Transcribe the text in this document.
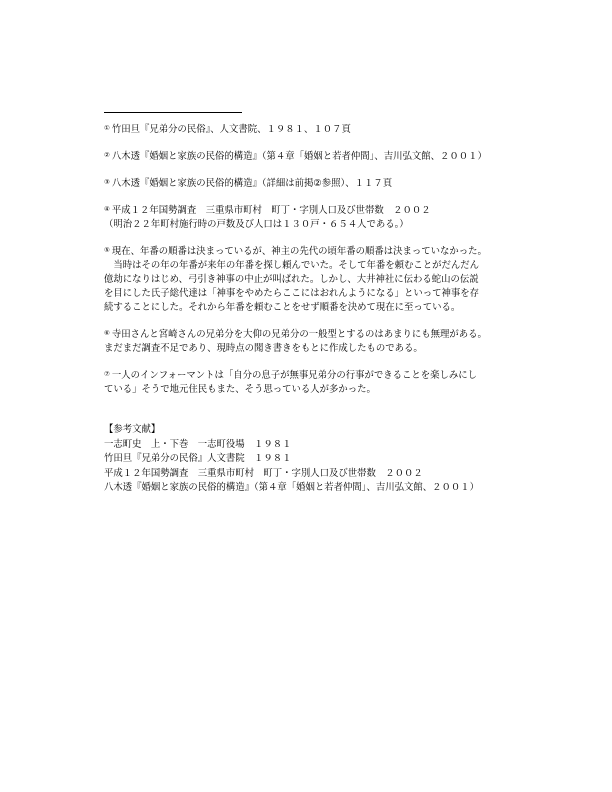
① 竹田旦『兄弟分の民俗』、人文書院、１９８１、１０７頁
② 八木透『婚姻と家族の民俗的構造』（第４章「婚姻と若者仲間」、吉川弘文館、２００１）
③ 八木透『婚姻と家族の民俗的構造』（詳細は前掲②参照）、１１７頁
④ 平成１２年国勢調査　三重県市町村　町丁・字別人口及び世帯数　２００２
（明治２２年町村施行時の戸数及び人口は１３０戸・６５４人である。）
⑤ 現在、年番の順番は決まっているが、神主の先代の頃年番の順番は決まっていなかった。
　当時はその年の年番が来年の年番を探し頼んでいた。そして年番を頼むことがだんだん
億劫になりはじめ、弓引き神事の中止が叫ばれた。しかし、大井神社に伝わる蛇山の伝説
を目にした氏子総代達は「神事をやめたらここにはおれんようになる」といって神事を存
続することにした。それから年番を頼むことをせず順番を決めて現在に至っている。
⑥ 寺田さんと宮崎さんの兄弟分を大仰の兄弟分の一般型とするのはあまりにも無理がある。
まだまだ調査不足であり、現時点の聞き書きをもとに作成したものである。
⑦ 一人のインフォーマントは「自分の息子が無事兄弟分の行事ができることを楽しみにし
ている」そうで地元住民もまた、そう思っている人が多かった。
【参考文献】
一志町史　上・下巻　一志町役場　１９８１
竹田旦『兄弟分の民俗』人文書院　１９８１
平成１２年国勢調査　三重県市町村　町丁・字別人口及び世帯数　２００２
八木透『婚姻と家族の民俗的構造』（第４章「婚姻と若者仲間」、吉川弘文館、２００１）
